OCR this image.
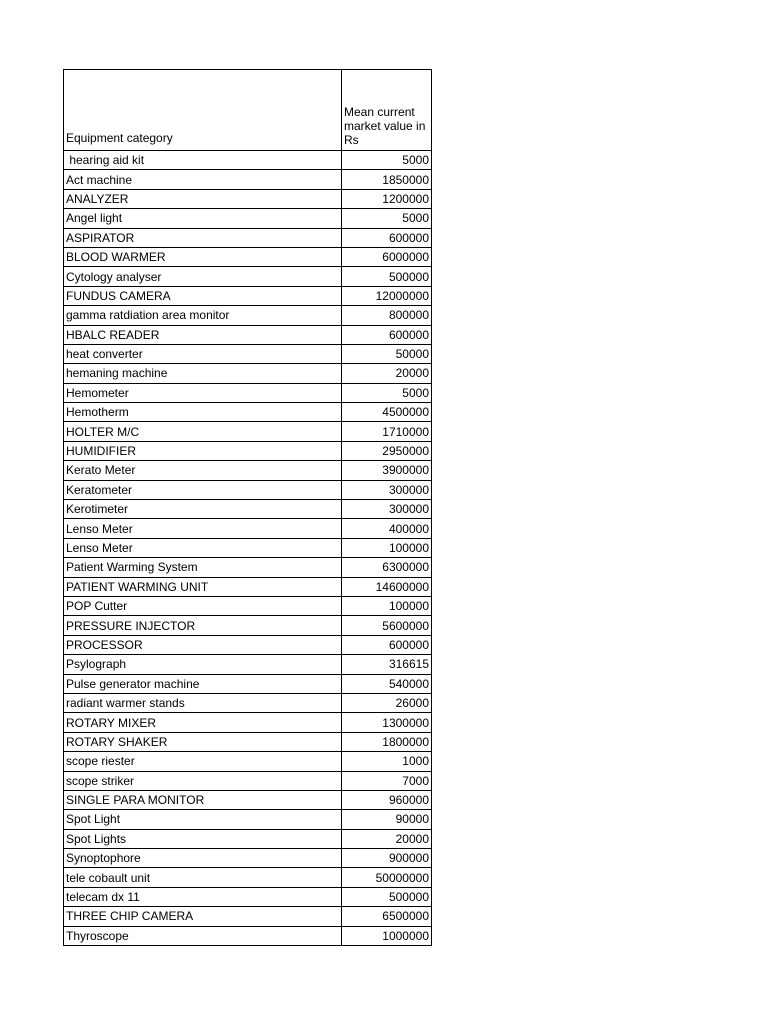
Equipment category	Mean current market value in Rs
hearing aid kit	5000
Act machine	1850000
ANALYZER	1200000
Angel light	5000
ASPIRATOR	600000
BLOOD WARMER	6000000
Cytology analyser	500000
FUNDUS CAMERA	12000000
gamma ratdiation area monitor	800000
HBALC READER	600000
heat converter	50000
hemaning machine	20000
Hemometer	5000
Hemotherm	4500000
HOLTER M/C	1710000
HUMIDIFIER	2950000
Kerato Meter	3900000
Keratometer	300000
Kerotimeter	300000
Lenso Meter	400000
Lenso Meter	100000
Patient Warming System	6300000
PATIENT WARMING UNIT	14600000
POP Cutter	100000
PRESSURE INJECTOR	5600000
PROCESSOR	600000
Psylograph	316615
Pulse generator machine	540000
radiant warmer stands	26000
ROTARY MIXER	1300000
ROTARY SHAKER	1800000
scope riester	1000
scope striker	7000
SINGLE PARA MONITOR	960000
Spot Light	90000
Spot Lights	20000
Synoptophore	900000
tele cobault unit	50000000
telecam dx 11	500000
THREE CHIP CAMERA	6500000
Thyroscope	1000000
